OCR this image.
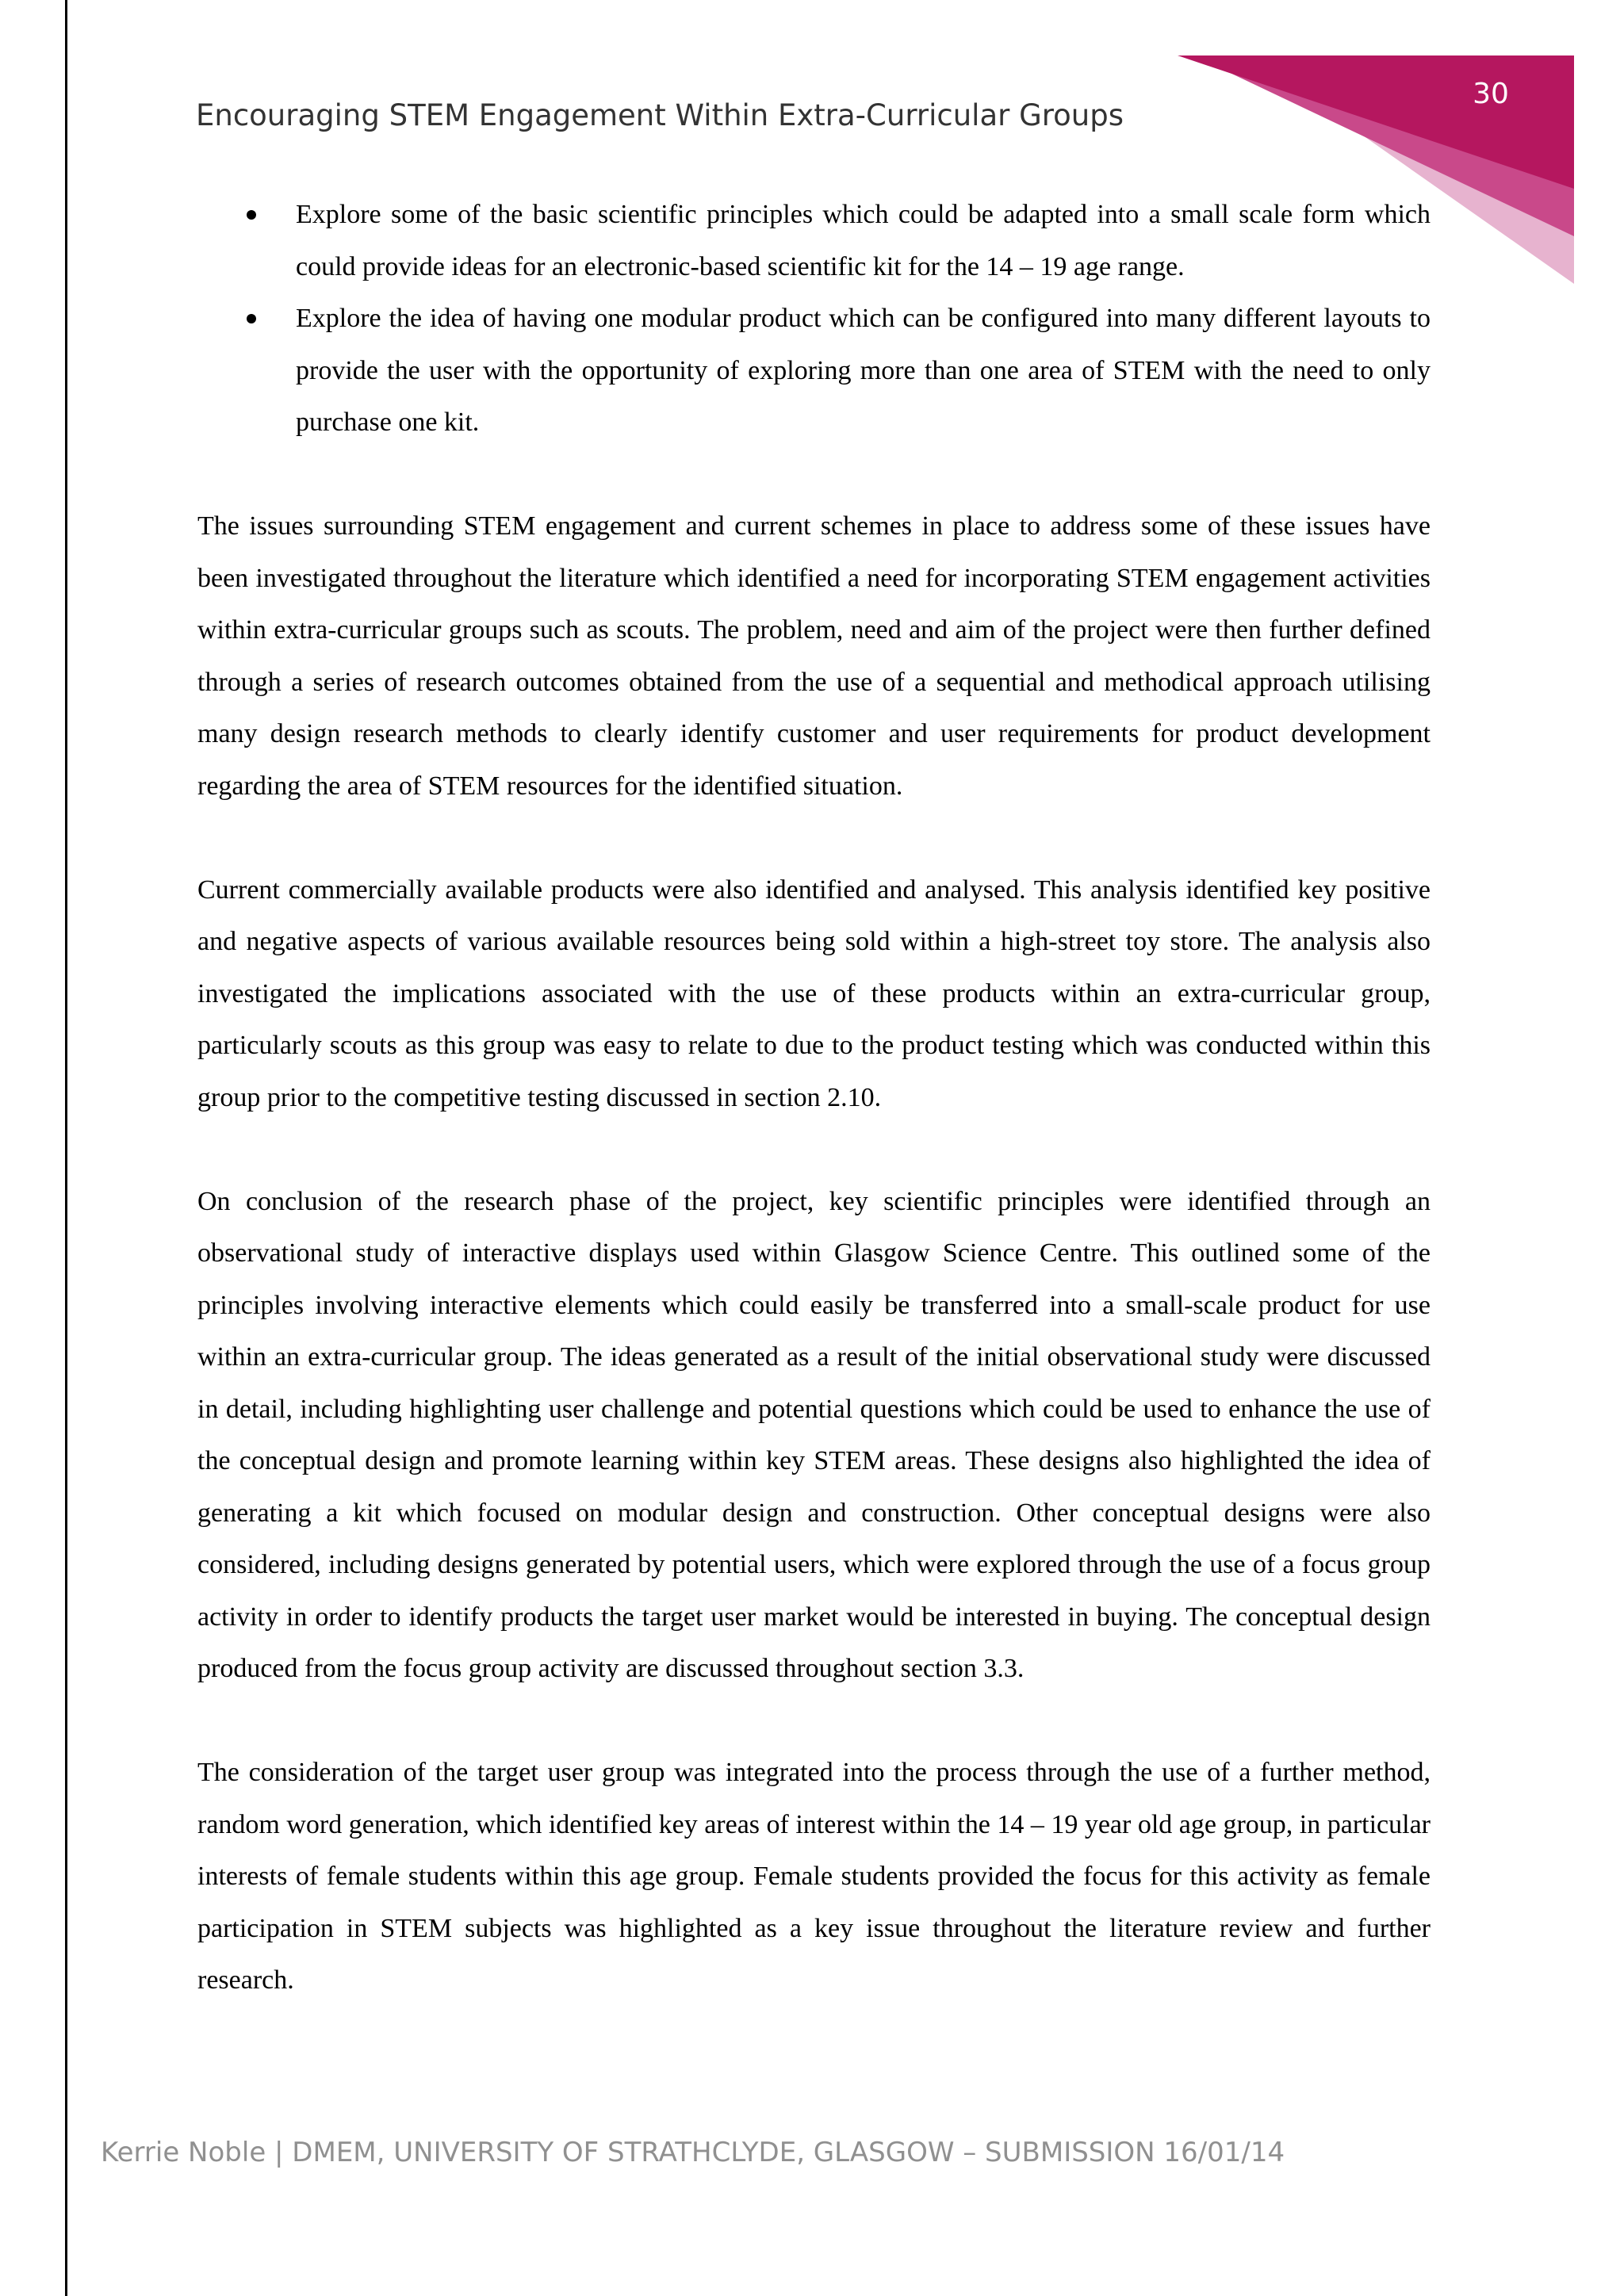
30
Encouraging STEM Engagement Within Extra-Curricular Groups
Explore some of the basic scientific principles which could be adapted into a small scale form which could provide ideas for an electronic-based scientific kit for the 14 – 19 age range.
Explore the idea of having one modular product which can be configured into many different layouts to provide the user with the opportunity of exploring more than one area of STEM with the need to only purchase one kit.

The issues surrounding STEM engagement and current schemes in place to address some of these issues have been investigated throughout the literature which identified a need for incorporating STEM engagement activities within extra-curricular groups such as scouts. The problem, need and aim of the project were then further defined through a series of research outcomes obtained from the use of a sequential and methodical approach utilising many design research methods to clearly identify customer and user requirements for product development regarding the area of STEM resources for the identified situation.

Current commercially available products were also identified and analysed. This analysis identified key positive and negative aspects of various available resources being sold within a high-street toy store. The analysis also investigated the implications associated with the use of these products within an extra-curricular group, particularly scouts as this group was easy to relate to due to the product testing which was conducted within this group prior to the competitive testing discussed in section 2.10.

On conclusion of the research phase of the project, key scientific principles were identified through an observational study of interactive displays used within Glasgow Science Centre. This outlined some of the principles involving interactive elements which could easily be transferred into a small-scale product for use within an extra-curricular group. The ideas generated as a result of the initial observational study were discussed in detail, including highlighting user challenge and potential questions which could be used to enhance the use of the conceptual design and promote learning within key STEM areas. These designs also highlighted the idea of generating a kit which focused on modular design and construction. Other conceptual designs were also considered, including designs generated by potential users, which were explored through the use of a focus group activity in order to identify products the target user market would be interested in buying. The conceptual design produced from the focus group activity are discussed throughout section 3.3.

The consideration of the target user group was integrated into the process through the use of a further method, random word generation, which identified key areas of interest within the 14 – 19 year old age group, in particular interests of female students within this age group. Female students provided the focus for this activity as female participation in STEM subjects was highlighted as a key issue throughout the literature review and further research.

Kerrie Noble | DMEM, UNIVERSITY OF STRATHCLYDE, GLASGOW – SUBMISSION 16/01/14
